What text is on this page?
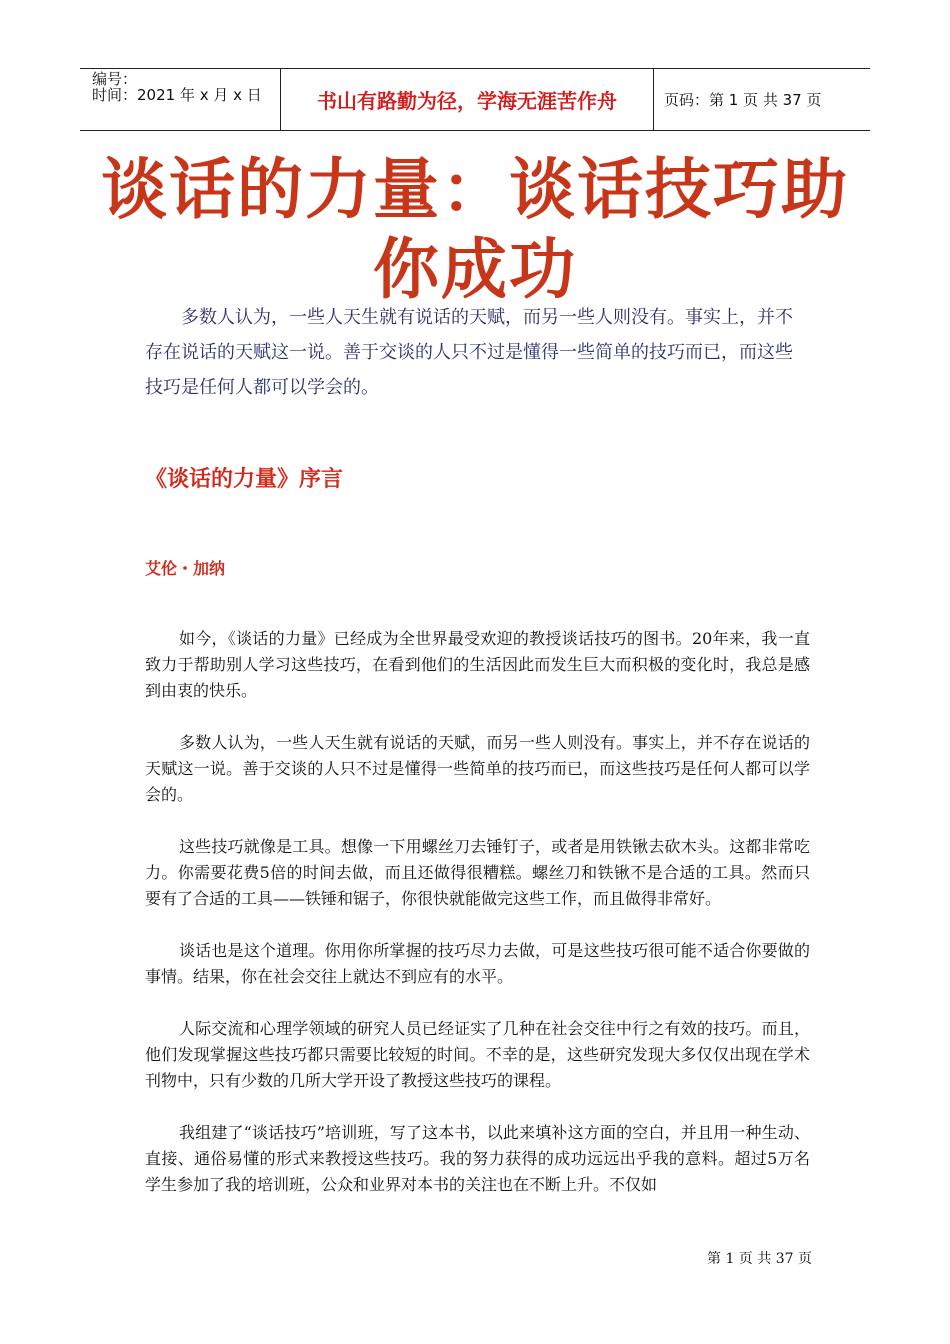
编号：
时间：2021 年 x 月 x 日	书山有路勤为径，学海无涯苦作舟	页码：第 1 页 共 37 页
谈话的力量：谈话技巧助你成功
多数人认为，一些人天生就有说话的天赋，而另一些人则没有。事实上，并不存在说话的天赋这一说。善于交谈的人只不过是懂得一些简单的技巧而已，而这些技巧是任何人都可以学会的。
《谈话的力量》序言
艾伦・加纳

如今，《谈话的力量》已经成为全世界最受欢迎的教授谈话技巧的图书。20年来，我一直致力于帮助别人学习这些技巧，在看到他们的生活因此而发生巨大而积极的变化时，我总是感到由衷的快乐。

多数人认为，一些人天生就有说话的天赋，而另一些人则没有。事实上，并不存在说话的天赋这一说。善于交谈的人只不过是懂得一些简单的技巧而已，而这些技巧是任何人都可以学会的。

这些技巧就像是工具。想像一下用螺丝刀去锤钉子，或者是用铁锹去砍木头。这都非常吃力。你需要花费5倍的时间去做，而且还做得很糟糕。螺丝刀和铁锹不是合适的工具。然而只要有了合适的工具——铁锤和锯子，你很快就能做完这些工作，而且做得非常好。

谈话也是这个道理。你用你所掌握的技巧尽力去做，可是这些技巧很可能不适合你要做的事情。结果，你在社会交往上就达不到应有的水平。

人际交流和心理学领域的研究人员已经证实了几种在社会交往中行之有效的技巧。而且，他们发现掌握这些技巧都只需要比较短的时间。不幸的是，这些研究发现大多仅仅出现在学术刊物中，只有少数的几所大学开设了教授这些技巧的课程。

我组建了“谈话技巧”培训班，写了这本书，以此来填补这方面的空白，并且用一种生动、直接、通俗易懂的形式来教授这些技巧。我的努力获得的成功远远出乎我的意料。超过5万名学生参加了我的培训班，公众和业界对本书的关注也在不断上升。不仅如

第 1 页 共 37 页
